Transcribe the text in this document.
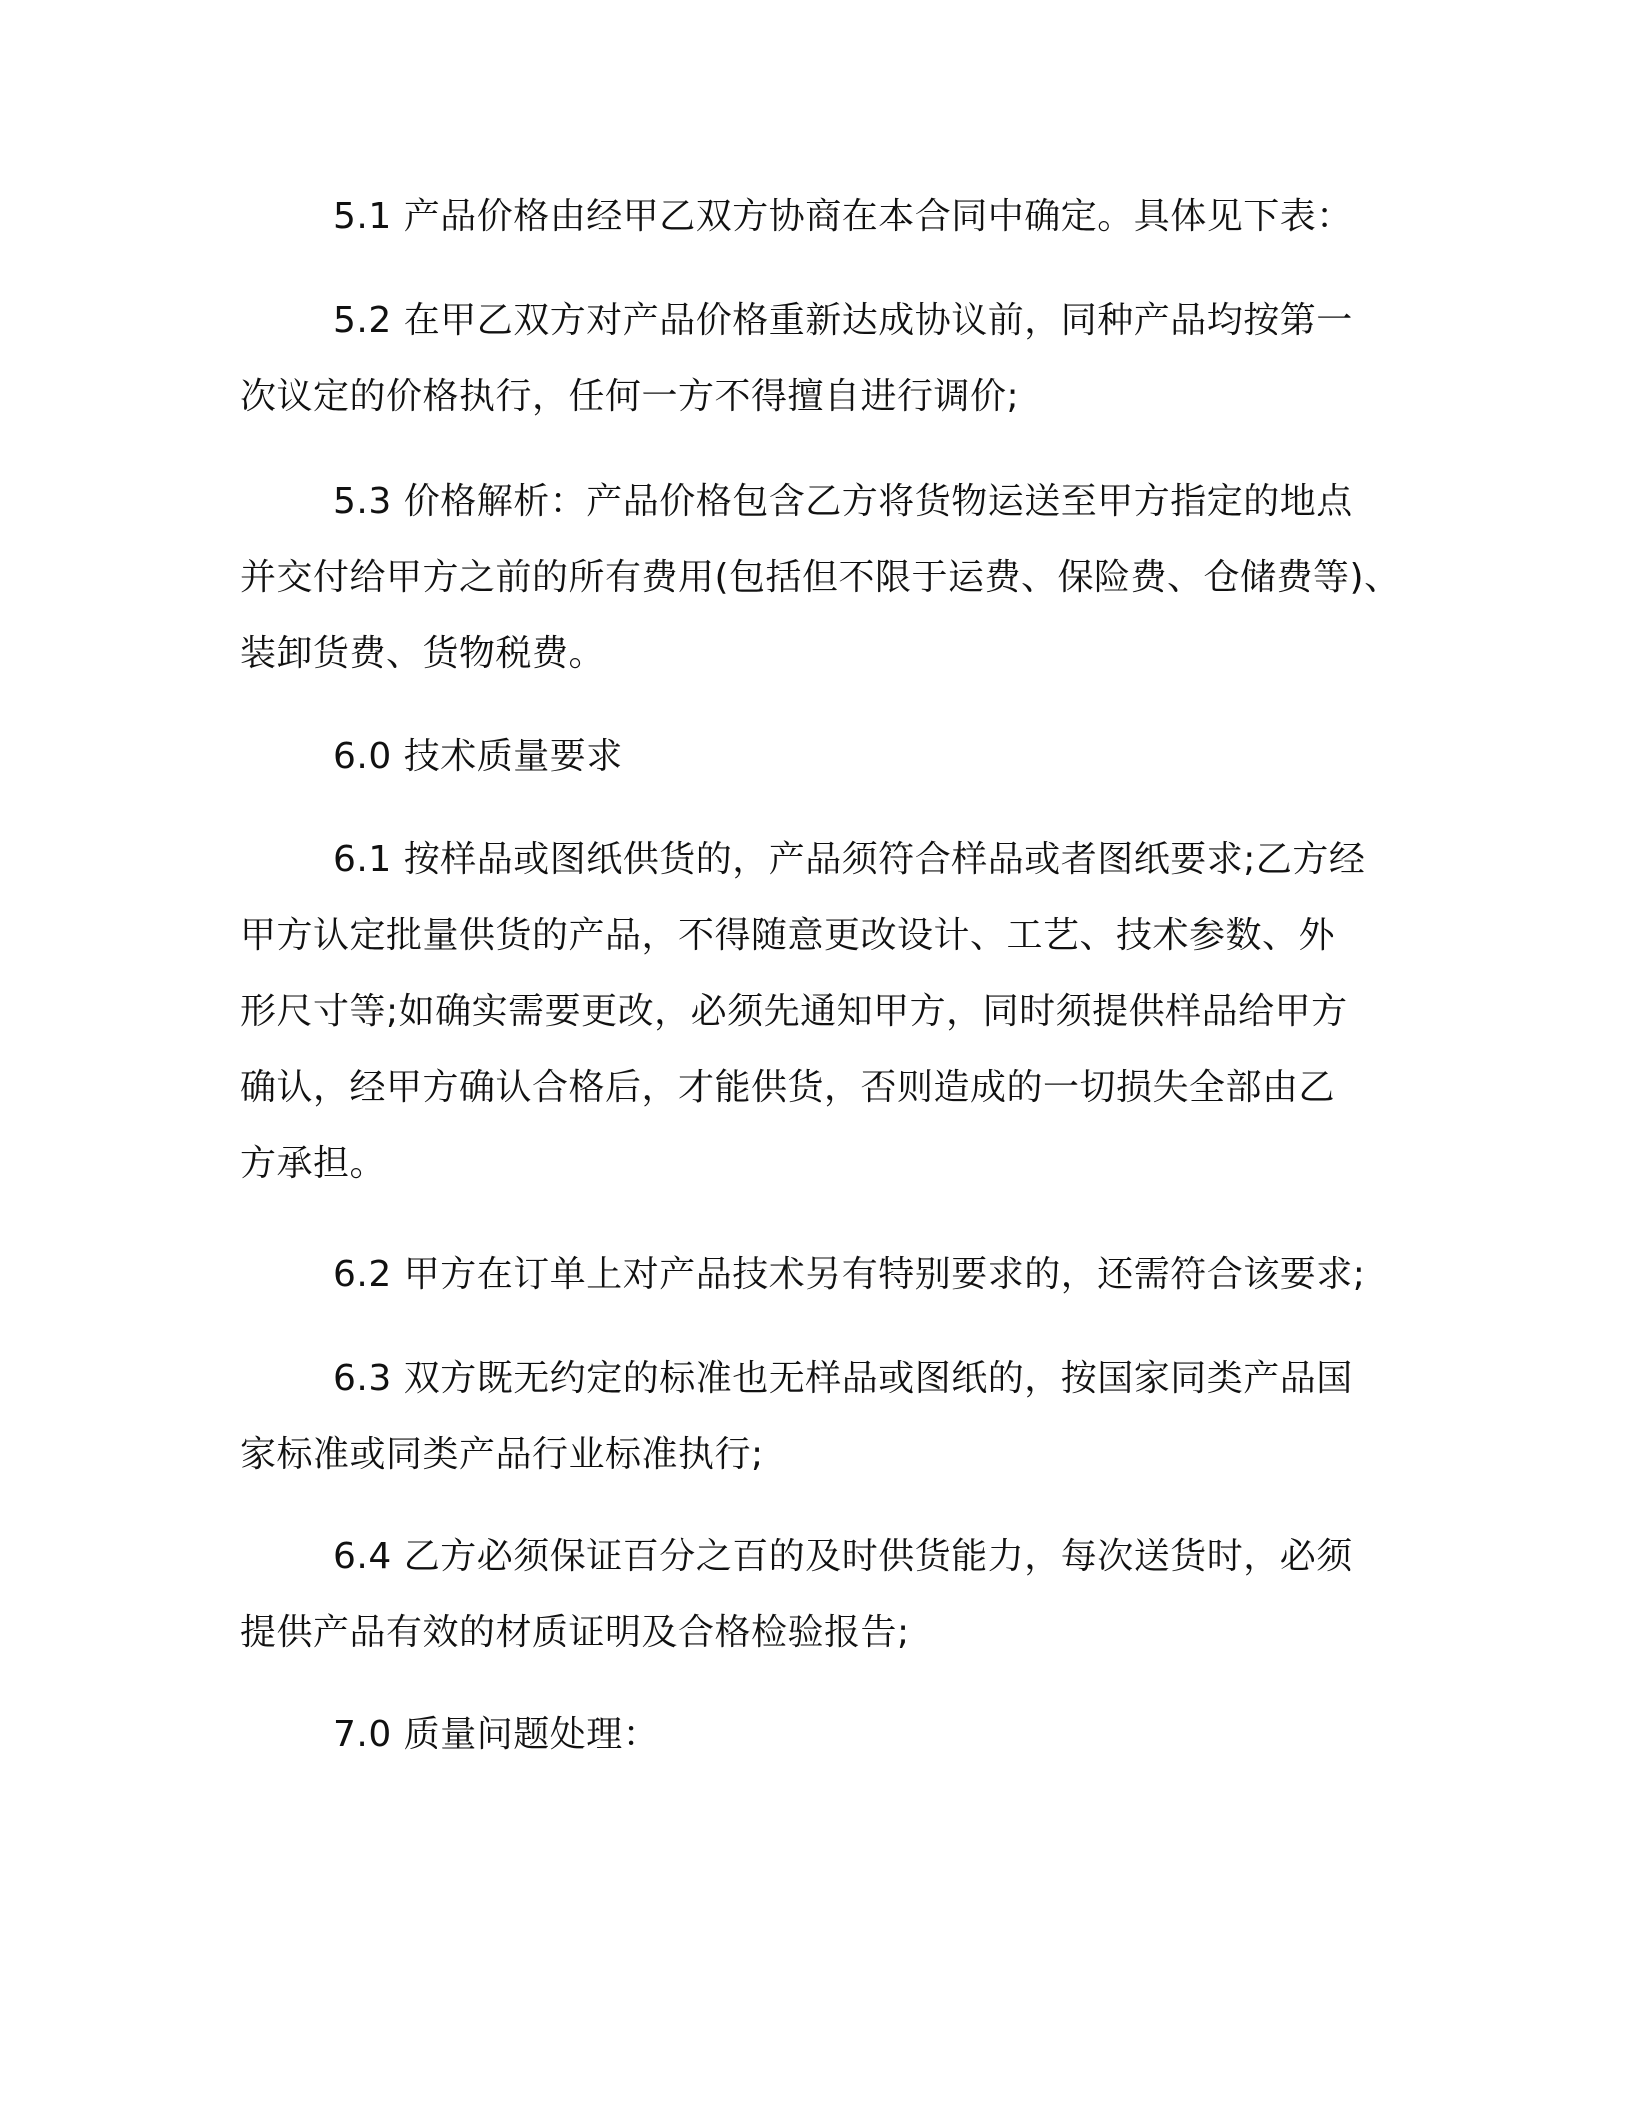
5.1 产品价格由经甲乙双方协商在本合同中确定。具体见下表：
5.2 在甲乙双方对产品价格重新达成协议前，同种产品均按第一
次议定的价格执行，任何一方不得擅自进行调价;
5.3 价格解析：产品价格包含乙方将货物运送至甲方指定的地点
并交付给甲方之前的所有费用(包括但不限于运费、保险费、仓储费等)、
装卸货费、货物税费。
6.0 技术质量要求
6.1 按样品或图纸供货的，产品须符合样品或者图纸要求;乙方经
甲方认定批量供货的产品，不得随意更改设计、工艺、技术参数、外
形尺寸等;如确实需要更改，必须先通知甲方，同时须提供样品给甲方
确认，经甲方确认合格后，才能供货，否则造成的一切损失全部由乙
方承担。
6.2 甲方在订单上对产品技术另有特别要求的，还需符合该要求;
6.3 双方既无约定的标准也无样品或图纸的，按国家同类产品国
家标准或同类产品行业标准执行;
6.4 乙方必须保证百分之百的及时供货能力，每次送货时，必须
提供产品有效的材质证明及合格检验报告;
7.0 质量问题处理：
